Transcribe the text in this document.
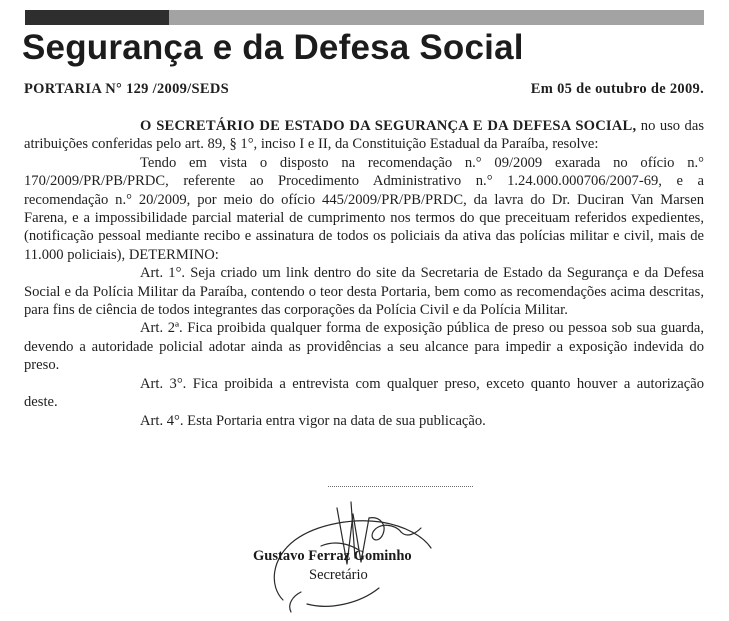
Segurança e da Defesa Social
PORTARIA N° 129 /2009/SEDS	Em 05 de outubro de 2009.

O SECRETÁRIO DE ESTADO DA SEGURANÇA E DA DEFESA SOCIAL, no uso das atribuições conferidas pelo art. 89, § 1°, inciso I e II, da Constituição Estadual da Paraíba, resolve:

Tendo em vista o disposto na recomendação n.° 09/2009 exarada no ofício n.° 170/2009/PR/PB/PRDC, referente ao Procedimento Administrativo n.° 1.24.000.000706/2007-69, e a recomendação n.° 20/2009, por meio do ofício 445/2009/PR/PB/PRDC, da lavra do Dr. Duciran Van Marsen Farena, e a impossibilidade parcial material de cumprimento nos termos do que preceituam referidos expedientes, (notificação pessoal mediante recibo e assinatura de todos os policiais da ativa das polícias militar e civil, mais de 11.000 policiais), DETERMINO:

Art. 1°. Seja criado um link dentro do site da Secretaria de Estado da Segurança e da Defesa Social e da Polícia Militar da Paraíba, contendo o teor desta Portaria, bem como as recomendações acima descritas, para fins de ciência de todos integrantes das corporações da Polícia Civil e da Polícia Militar.

Art. 2ª. Fica proibida qualquer forma de exposição pública de preso ou pessoa sob sua guarda, devendo a autoridade policial adotar ainda as providências a seu alcance para impedir a exposição indevida do preso.

Art. 3°. Fica proibida a entrevista com qualquer preso, exceto quanto houver a autorização deste.

Art. 4°. Esta Portaria entra vigor na data de sua publicação.

Gustavo Ferraz Gominho
Secretário
